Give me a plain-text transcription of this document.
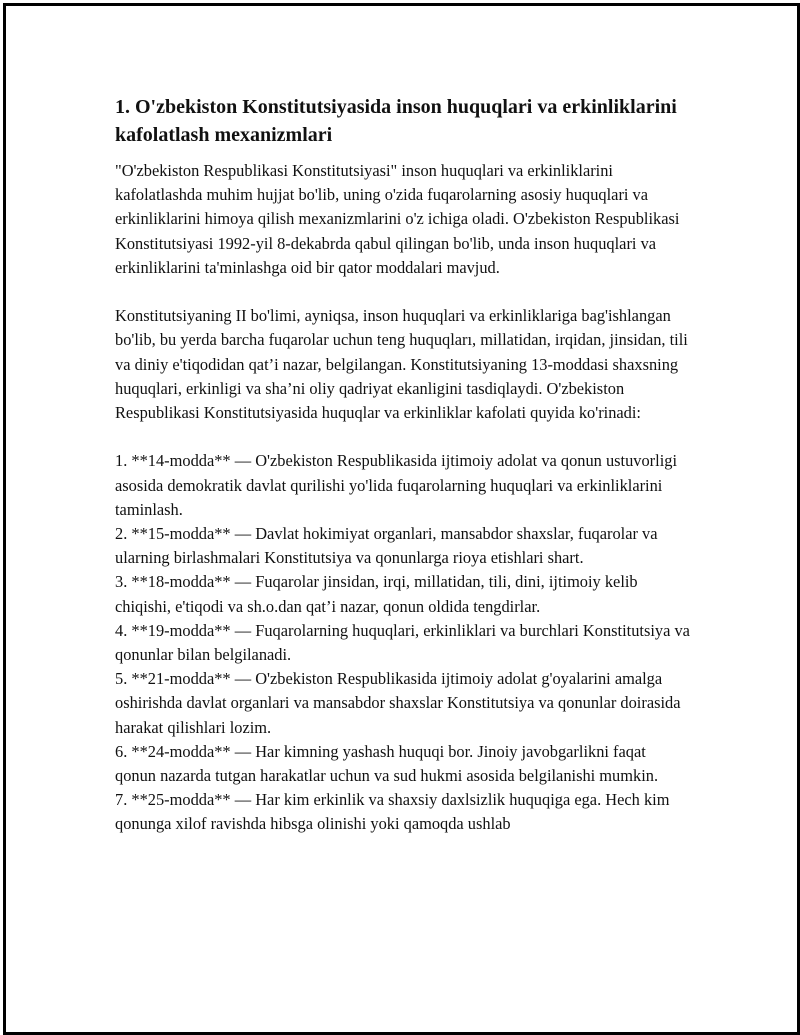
1. O'zbekiston Konstitutsiyasida inson huquqlari va erkinliklarini kafolatlash mexanizmlari

"O'zbekiston Respublikasi Konstitutsiyasi" inson huquqlari va erkinliklarini kafolatlashda muhim hujjat bo'lib, uning o'zida fuqarolarning asosiy huquqlari va erkinliklarini himoya qilish mexanizmlarini o'z ichiga oladi. O'zbekiston Respublikasi Konstitutsiyasi 1992-yil 8-dekabrda qabul qilingan bo'lib, unda inson huquqlari va erkinliklarini ta'minlashga oid bir qator moddalari mavjud.

Konstitutsiyaning II bo'limi, ayniqsa, inson huquqlari va erkinliklariga bag'ishlangan bo'lib, bu yerda barcha fuqarolar uchun teng huquqları, millatidan, irqidan, jinsidan, tili va diniy e'tiqodidan qat’i nazar, belgilangan. Konstitutsiyaning 13-moddasi shaxsning huquqlari, erkinligi va sha’ni oliy qadriyat ekanligini tasdiqlaydi. O'zbekiston Respublikasi Konstitutsiyasida huquqlar va erkinliklar kafolati quyida ko'rinadi:

1. **14-modda** — O'zbekiston Respublikasida ijtimoiy adolat va qonun ustuvorligi asosida demokratik davlat qurilishi yo'lida fuqarolarning huquqlari va erkinliklarini taminlash.
2. **15-modda** — Davlat hokimiyat organlari, mansabdor shaxslar, fuqarolar va ularning birlashmalari Konstitutsiya va qonunlarga rioya etishlari shart.
3. **18-modda** — Fuqarolar jinsidan, irqi, millatidan, tili, dini, ijtimoiy kelib chiqishi, e'tiqodi va sh.o.dan qat’i nazar, qonun oldida tengdirlar.
4. **19-modda** — Fuqarolarning huquqlari, erkinliklari va burchlari Konstitutsiya va qonunlar bilan belgilanadi.
5. **21-modda** — O'zbekiston Respublikasida ijtimoiy adolat g'oyalarini amalga oshirishda davlat organlari va mansabdor shaxslar Konstitutsiya va qonunlar doirasida harakat qilishlari lozim.
6. **24-modda** — Har kimning yashash huquqi bor. Jinoiy javobgarlikni faqat qonun nazarda tutgan harakatlar uchun va sud hukmi asosida belgilanishi mumkin.
7. **25-modda** — Har kim erkinlik va shaxsiy daxlsizlik huquqiga ega. Hech kim qonunga xilof ravishda hibsga olinishi yoki qamoqda ushlab
